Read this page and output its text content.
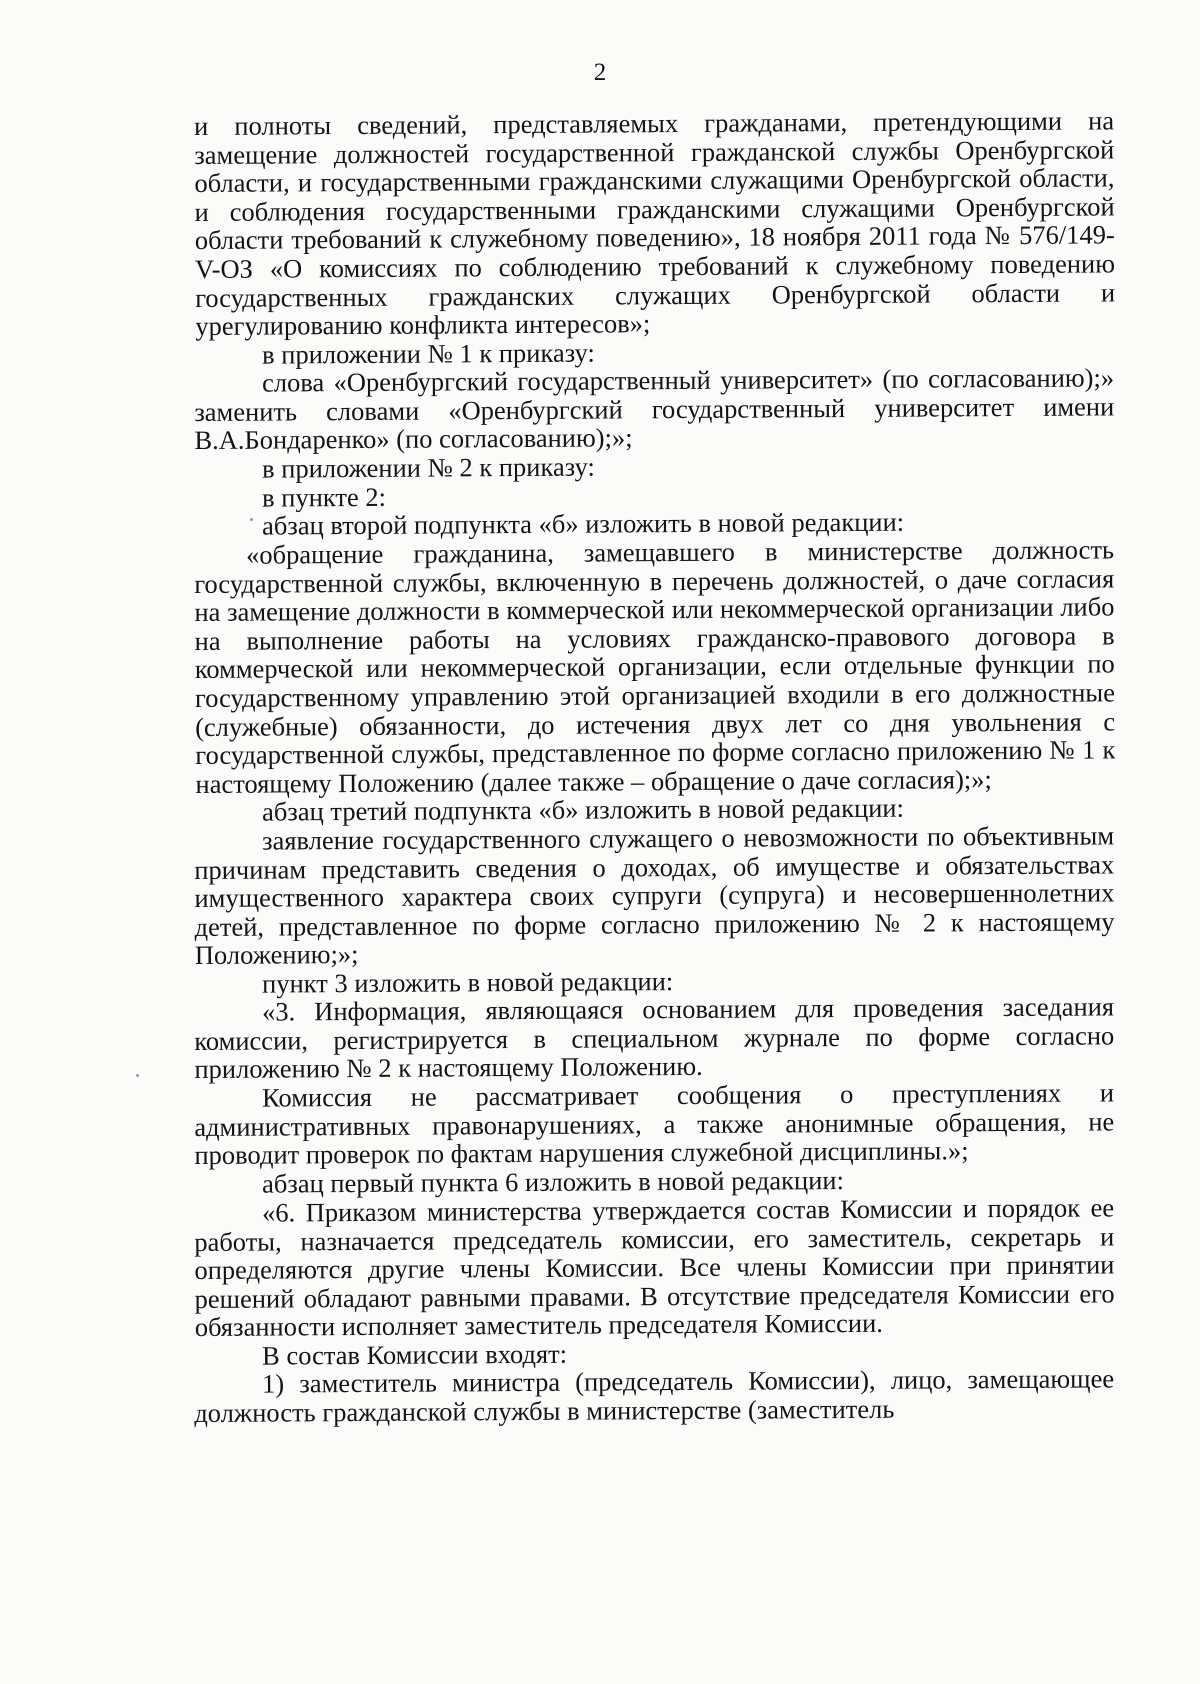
2

и полноты сведений, представляемых гражданами, претендующими на замещение должностей государственной гражданской службы Оренбургской области, и государственными гражданскими служащими Оренбургской области, и соблюдения государственными гражданскими служащими Оренбургской области требований к служебному поведению», 18 ноября 2011 года № 576/149-V-ОЗ «О комиссиях по соблюдению требований к служебному поведению государственных гражданских служащих Оренбургской области и урегулированию конфликта интересов»;

в приложении № 1 к приказу:

слова «Оренбургский государственный университет» (по согласованию);» заменить словами «Оренбургский государственный университет имени В.А.Бондаренко» (по согласованию);»;

в приложении № 2 к приказу:

в пункте 2:

абзац второй подпункта «б» изложить в новой редакции:

«обращение гражданина, замещавшего в министерстве должность государственной службы, включенную в перечень должностей, о даче согласия на замещение должности в коммерческой или некоммерческой организации либо на выполнение работы на условиях гражданско-правового договора в коммерческой или некоммерческой организации, если отдельные функции по государственному управлению этой организацией входили в его должностные (служебные) обязанности, до истечения двух лет со дня увольнения с государственной службы, представленное по форме согласно приложению № 1 к настоящему Положению (далее также – обращение о даче согласия);»;

абзац третий подпункта «б» изложить в новой редакции:

заявление государственного служащего о невозможности по объективным причинам представить сведения о доходах, об имуществе и обязательствах имущественного характера своих супруги (супруга) и несовершеннолетних детей, представленное по форме согласно приложению № 2 к настоящему Положению;»;

пункт 3 изложить в новой редакции:

«3. Информация, являющаяся основанием для проведения заседания комиссии, регистрируется в специальном журнале по форме согласно приложению № 2 к настоящему Положению.

Комиссия не рассматривает сообщения о преступлениях и административных правонарушениях, а также анонимные обращения, не проводит проверок по фактам нарушения служебной дисциплины.»;

абзац первый пункта 6 изложить в новой редакции:

«6. Приказом министерства утверждается состав Комиссии и порядок ее работы, назначается председатель комиссии, его заместитель, секретарь и определяются другие члены Комиссии. Все члены Комиссии при принятии решений обладают равными правами. В отсутствие председателя Комиссии его обязанности исполняет заместитель председателя Комиссии.

В состав Комиссии входят:

1) заместитель министра (председатель Комиссии), лицо, замещающее должность гражданской службы в министерстве (заместитель
